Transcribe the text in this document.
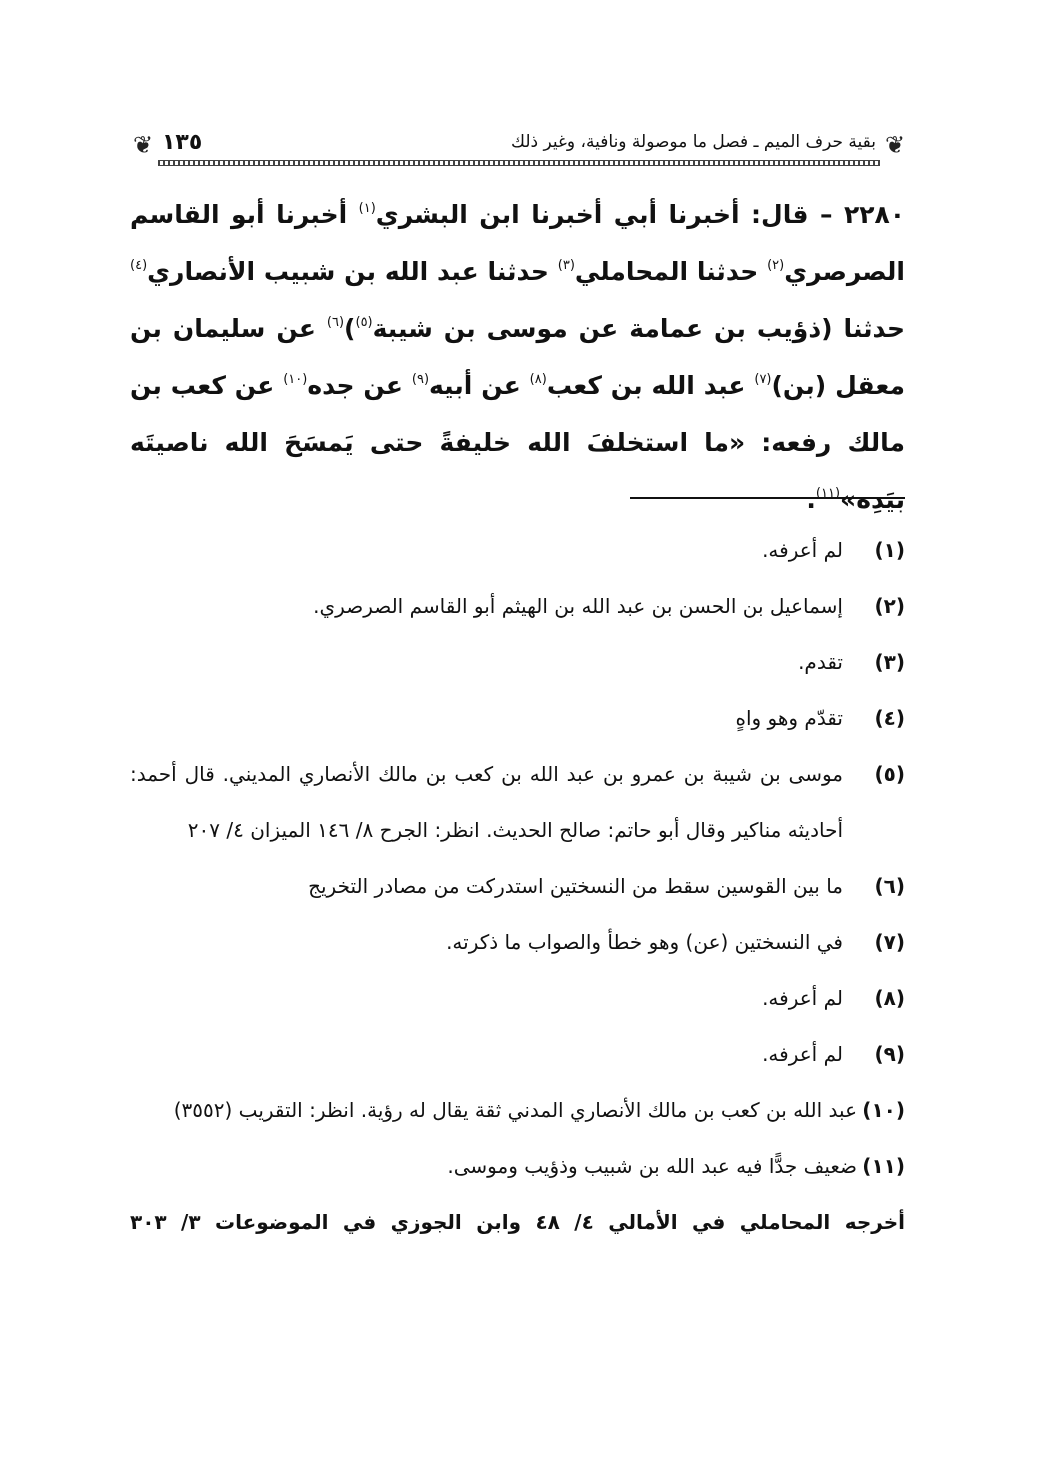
❦ ١٣٥	بقية حرف الميم ـ فصل ما موصولة ونافية، وغير ذلك ❦
٢٢٨٠ – قال: أخبرنا أبي أخبرنا ابن البشري$^{(١)}$ أخبرنا أبو القاسم الصرصري$^{(٢)}$ حدثنا المحاملي$^{(٣)}$ حدثنا عبد الله بن شبيب الأنصاري$^{(٤)}$ حدثنا (ذؤيب بن عمامة عن موسى بن شيبة$^{(٥)}$)$^{(٦)}$ عن سليمان بن معقل (بن)$^{(٧)}$ عبد الله بن كعب$^{(٨)}$ عن أبيه$^{(٩)}$ عن جده$^{(١٠)}$ عن كعب بن مالك رفعه: «ما استخلفَ الله خليفةً حتى يَمسَحَ الله ناصيتَه بيَدِه»$^{(١١)}$.
(١)
لم أعرفه.
(٢)
إسماعيل بن الحسن بن عبد الله بن الهيثم أبو القاسم الصرصري.
(٣)
تقدم.
(٤)
تقدّم وهو واهٍ
(٥)
موسى بن شيبة بن عمرو بن عبد الله بن كعب بن مالك الأنصاري المديني. قال أحمد: أحاديثه مناكير وقال أبو حاتم: صالح الحديث. انظر: الجرح ٨/ ١٤٦ الميزان ٤/ ٢٠٧
(٦)
ما بين القوسين سقط من النسختين استدركت من مصادر التخريج
(٧)
في النسختين (عن) وهو خطأ والصواب ما ذكرته.
(٨)
لم أعرفه.
(٩)
لم أعرفه.
(١٠)
عبد الله بن كعب بن مالك الأنصاري المدني ثقة يقال له رؤية. انظر: التقريب (٣٥٥٢)
(١١)
ضعيف جدًّا فيه عبد الله بن شبيب وذؤيب وموسى.
أخرجه المحاملي في الأمالي ٤/ ٤٨ وابن الجوزي في الموضوعات ٣/ ٣٠٣
